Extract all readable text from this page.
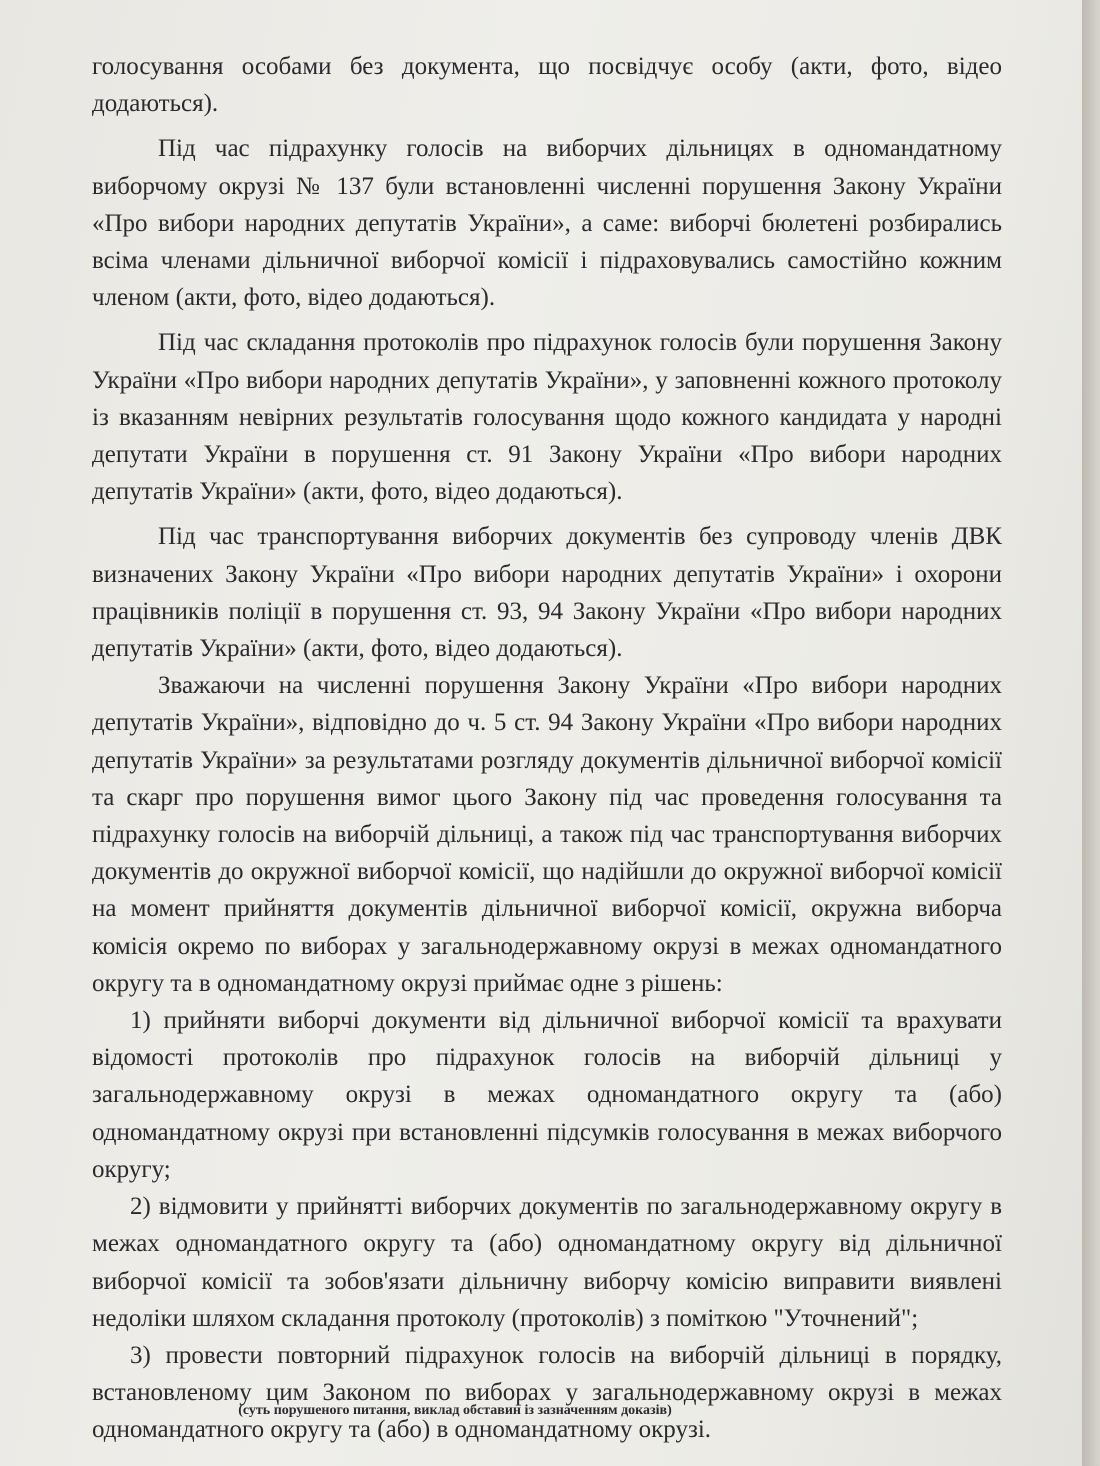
голосування особами без документа, що посвідчує особу (акти, фото, відео додаються).

Під час підрахунку голосів на виборчих дільницях в одномандатному виборчому окрузі № 137 були встановленні численні порушення Закону України «Про вибори народних депутатів України», а саме: виборчі бюлетені розбирались всіма членами дільничної виборчої комісії і підраховувались самостійно кожним членом (акти, фото, відео додаються).

Під час складання протоколів про підрахунок голосів були порушення Закону України «Про вибори народних депутатів України», у заповненні кожного протоколу із вказанням невірних результатів голосування щодо кожного кандидата у народні депутати України в порушення ст. 91 Закону України «Про вибори народних депутатів України» (акти, фото, відео додаються).

Під час транспортування виборчих документів без супроводу членів ДВК визначених Закону України «Про вибори народних депутатів України» і охорони працівників поліції в порушення ст. 93, 94 Закону України «Про вибори народних депутатів України» (акти, фото, відео додаються).

Зважаючи на численні порушення Закону України «Про вибори народних депутатів України», відповідно до ч. 5 ст. 94 Закону України «Про вибори народних депутатів України» за результатами розгляду документів дільничної виборчої комісії та скарг про порушення вимог цього Закону під час проведення голосування та підрахунку голосів на виборчій дільниці, а також під час транспортування виборчих документів до окружної виборчої комісії, що надійшли до окружної виборчої комісії на момент прийняття документів дільничної виборчої комісії, окружна виборча комісія окремо по виборах у загальнодержавному окрузі в межах одномандатного округу та в одномандатному окрузі приймає одне з рішень:

1) прийняти виборчі документи від дільничної виборчої комісії та врахувати відомості протоколів про підрахунок голосів на виборчій дільниці у загальнодержавному окрузі в межах одномандатного округу та (або) одномандатному окрузі при встановленні підсумків голосування в межах виборчого округу;

2) відмовити у прийнятті виборчих документів по загальнодержавному округу в межах одномандатного округу та (або) одномандатному округу від дільничної виборчої комісії та зобов'язати дільничну виборчу комісію виправити виявлені недоліки шляхом складання протоколу (протоколів) з поміткою "Уточнений";

3) провести повторний підрахунок голосів на виборчій дільниці в порядку, встановленому цим Законом по виборах у загальнодержавному окрузі в межах одномандатного округу та (або) в одномандатному окрузі.

(суть порушеного питання, виклад обставин із зазначенням доказів)
